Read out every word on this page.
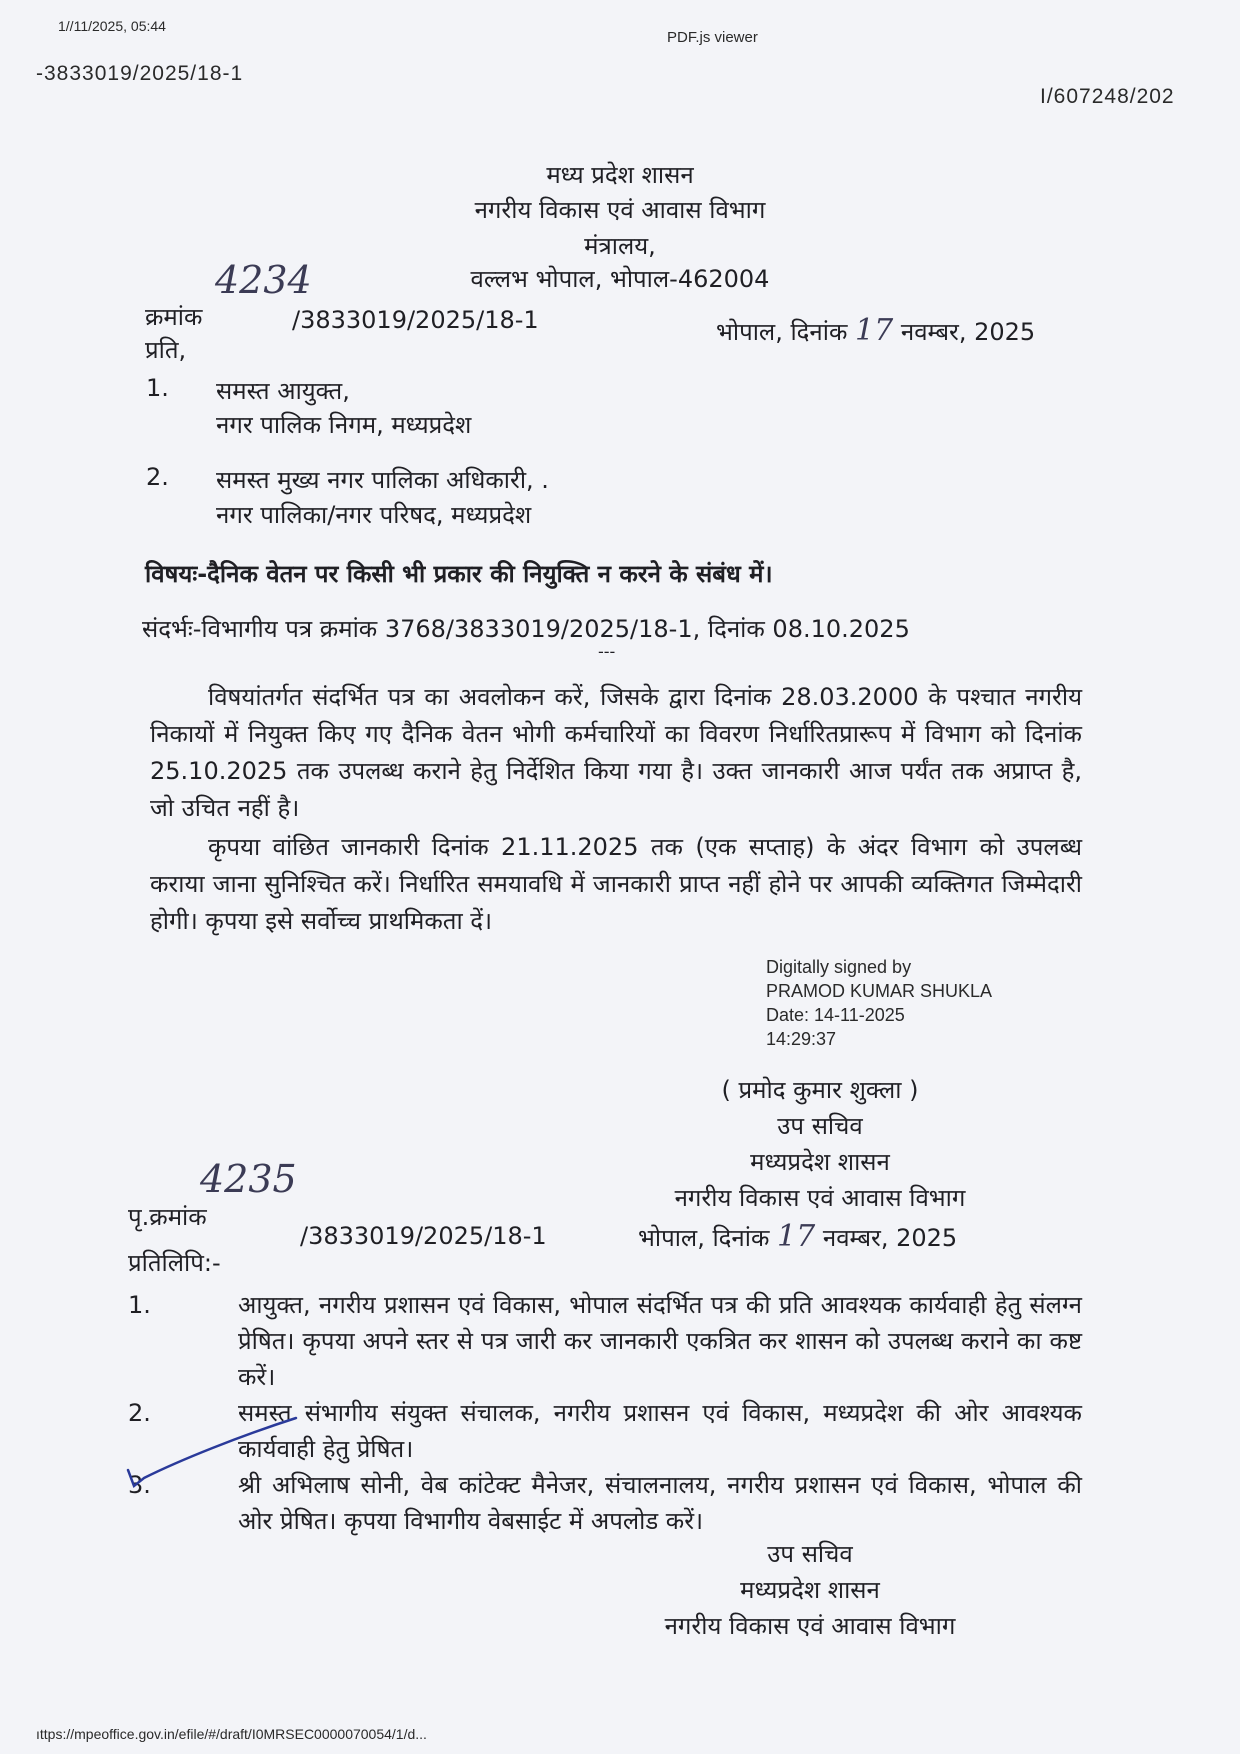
1//11/2025, 05:44
PDF.js viewer
-3833019/2025/18-1
I/607248/202
मध्य प्रदेश शासन
नगरीय विकास एवं आवास विभाग
मंत्रालय,
वल्लभ भोपाल, भोपाल-462004
क्रमांक
4234
/3833019/2025/18-1	भोपाल, दिनांक 17 नवम्बर, 2025
प्रति,
1. समस्त आयुक्त,
नगर पालिक निगम, मध्यप्रदेश
2. समस्त मुख्य नगर पालिका अधिकारी, .
नगर पालिका/नगर परिषद, मध्यप्रदेश
विषयः-दैनिक वेतन पर किसी भी प्रकार की नियुक्ति न करने के संबंध में।
संदर्भः-विभागीय पत्र क्रमांक 3768/3833019/2025/18-1, दिनांक 08.10.2025
---
विषयांतर्गत संदर्भित पत्र का अवलोकन करें, जिसके द्वारा दिनांक 28.03.2000 के पश्चात नगरीय निकायों में नियुक्त किए गए दैनिक वेतन भोगी कर्मचारियों का विवरण निर्धारितप्रारूप में विभाग को दिनांक 25.10.2025 तक उपलब्ध कराने हेतु निर्देशित किया गया है। उक्त जानकारी आज पर्यंत तक अप्राप्त है, जो उचित नहीं है।
कृपया वांछित जानकारी दिनांक 21.11.2025 तक (एक सप्ताह) के अंदर विभाग को उपलब्ध कराया जाना सुनिश्चित करें। निर्धारित समयावधि में जानकारी प्राप्त नहीं होने पर आपकी व्यक्तिगत जिम्मेदारी होगी। कृपया इसे सर्वोच्च प्राथमिकता दें।
Digitally signed by
PRAMOD KUMAR SHUKLA
Date: 14-11-2025
14:29:37
( प्रमोद कुमार शुक्ला )
उप सचिव
मध्यप्रदेश शासन
नगरीय विकास एवं आवास विभाग
पृ.क्रमांक
4235
/3833019/2025/18-1	भोपाल, दिनांक 17 नवम्बर, 2025
प्रतिलिपि:-
1.	आयुक्त, नगरीय प्रशासन एवं विकास, भोपाल संदर्भित पत्र की प्रति आवश्यक कार्यवाही हेतु संलग्न प्रेषित। कृपया अपने स्तर से पत्र जारी कर जानकारी एकत्रित कर शासन को उपलब्ध कराने का कष्ट करें।
2.	समस्त संभागीय संयुक्त संचालक, नगरीय प्रशासन एवं विकास, मध्यप्रदेश की ओर आवश्यक कार्यवाही हेतु प्रेषित।
3.	श्री अभिलाष सोनी, वेब कांटेक्ट मैनेजर, संचालनालय, नगरीय प्रशासन एवं विकास, भोपाल की ओर प्रेषित। कृपया विभागीय वेबसाईट में अपलोड करें।
उप सचिव
मध्यप्रदेश शासन
नगरीय विकास एवं आवास विभाग
ıttps://mpeoffice.gov.in/efile/#/draft/I0MRSEC0000070054/1/d...
